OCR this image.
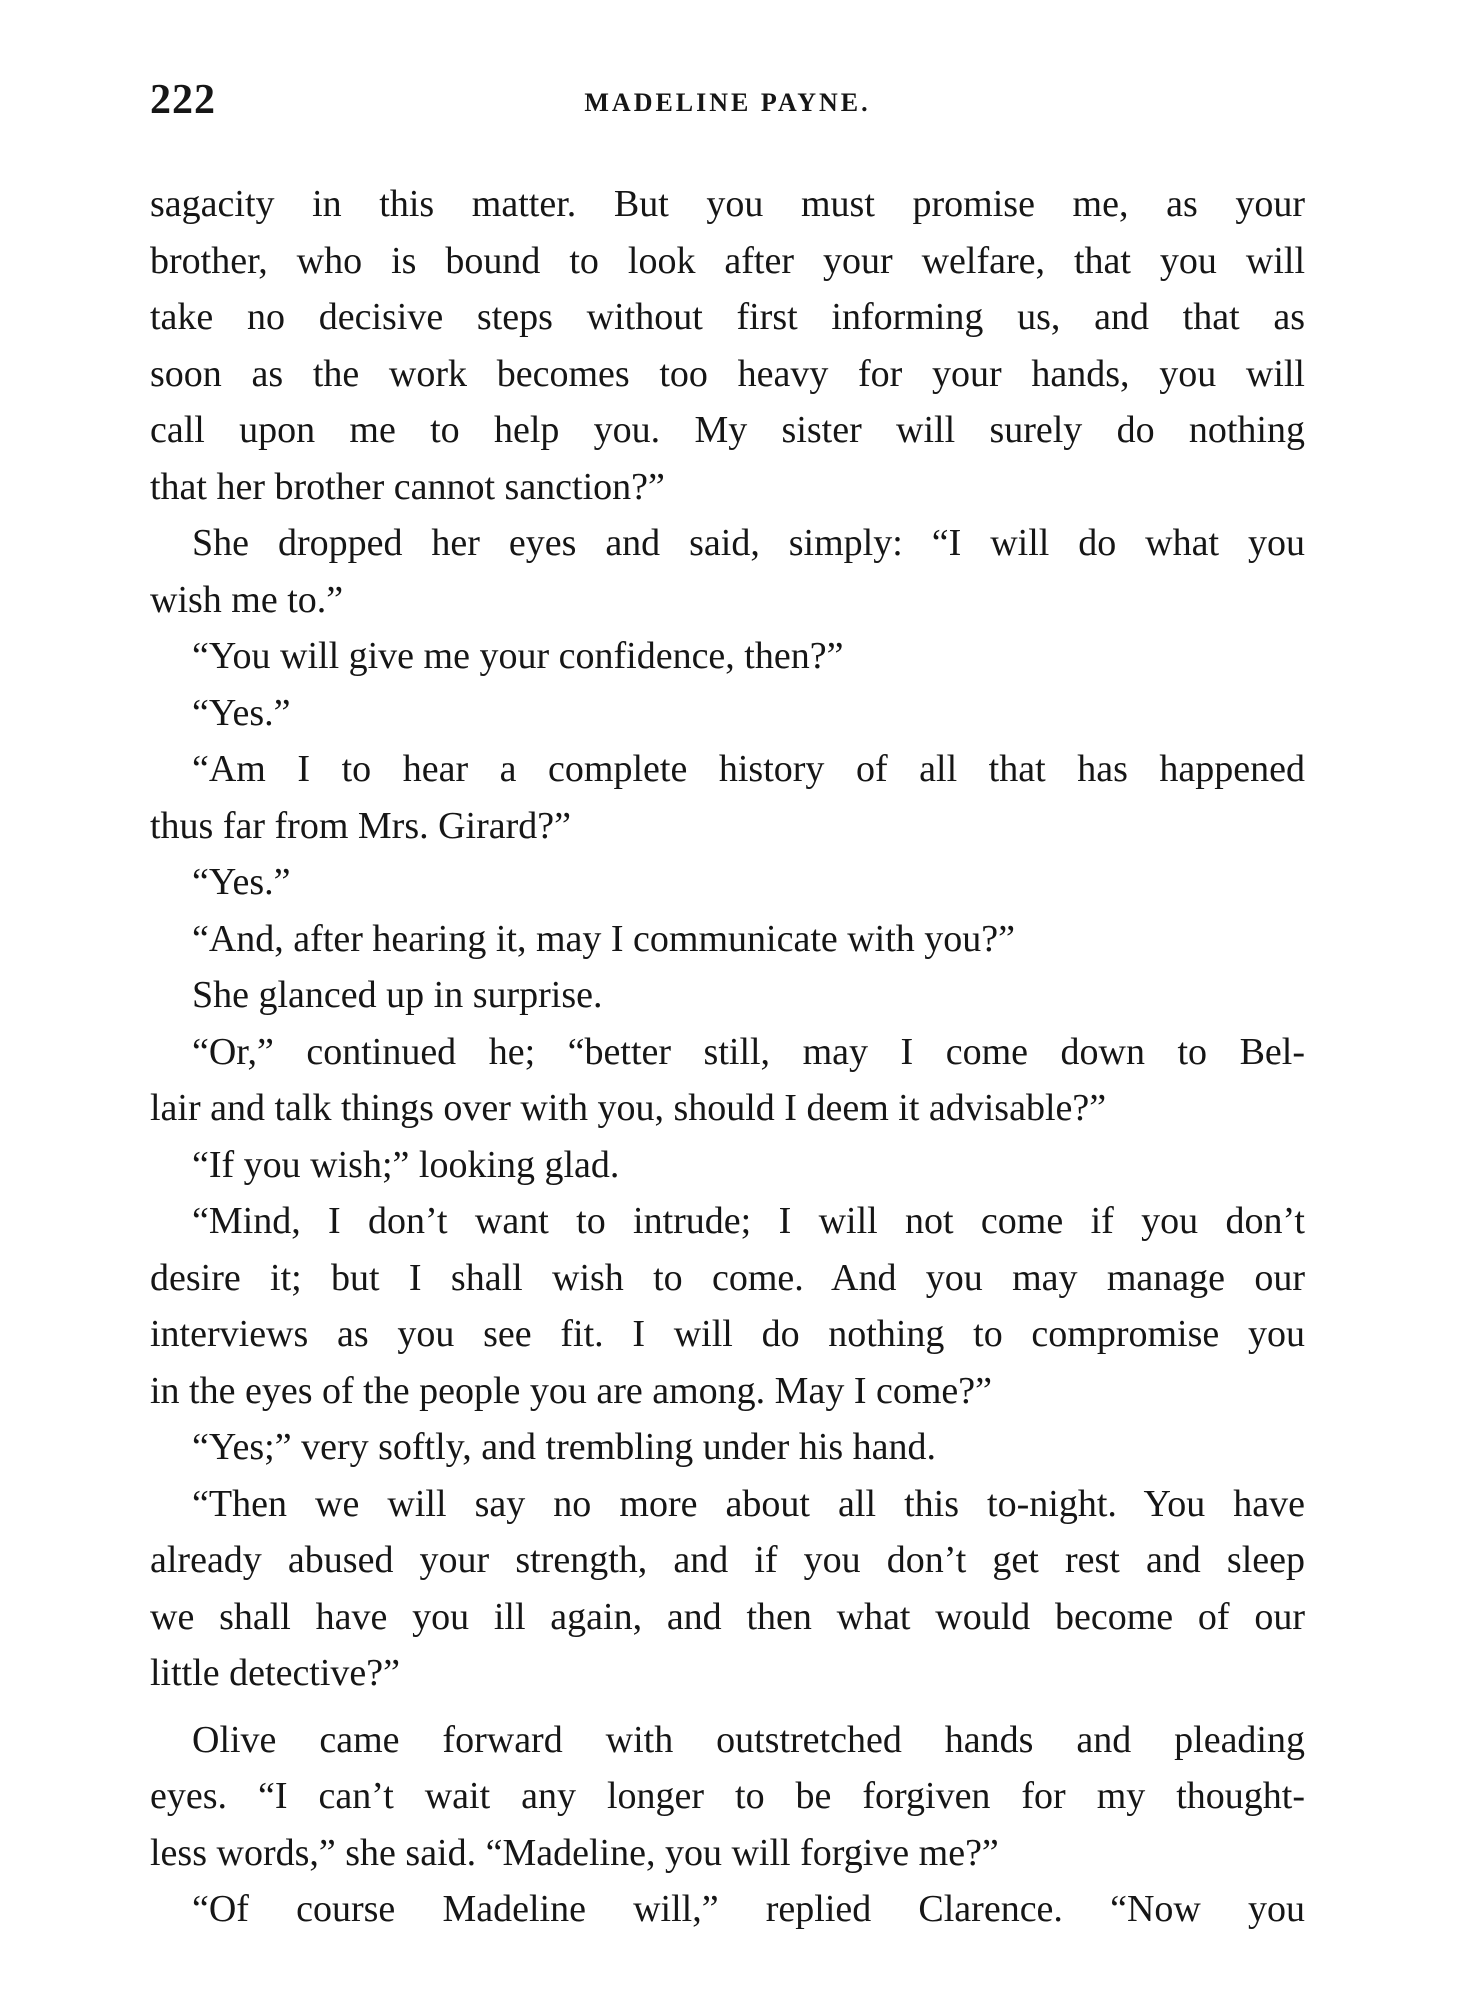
222	MADELINE PAYNE.
sagacity in this matter. But you must promise me, as your
brother, who is bound to look after your welfare, that you will
take no decisive steps without first informing us, and that as
soon as the work becomes too heavy for your hands, you will
call upon me to help you. My sister will surely do nothing
that her brother cannot sanction?”
She dropped her eyes and said, simply: “I will do what you
wish me to.”
“You will give me your confidence, then?”
“Yes.”
“Am I to hear a complete history of all that has happened
thus far from Mrs. Girard?”
“Yes.”
“And, after hearing it, may I communicate with you?”
She glanced up in surprise.
“Or,” continued he; “better still, may I come down to Bel-
lair and talk things over with you, should I deem it advisable?”
“If you wish;” looking glad.
“Mind, I don’t want to intrude; I will not come if you don’t
desire it; but I shall wish to come. And you may manage our
interviews as you see fit. I will do nothing to compromise you
in the eyes of the people you are among. May I come?”
“Yes;” very softly, and trembling under his hand.
“Then we will say no more about all this to-night. You have
already abused your strength, and if you don’t get rest and sleep
we shall have you ill again, and then what would become of our
little detective?”
Olive came forward with outstretched hands and pleading
eyes. “I can’t wait any longer to be forgiven for my thought-
less words,” she said. “Madeline, you will forgive me?”
“Of course Madeline will,” replied Clarence. “Now you
